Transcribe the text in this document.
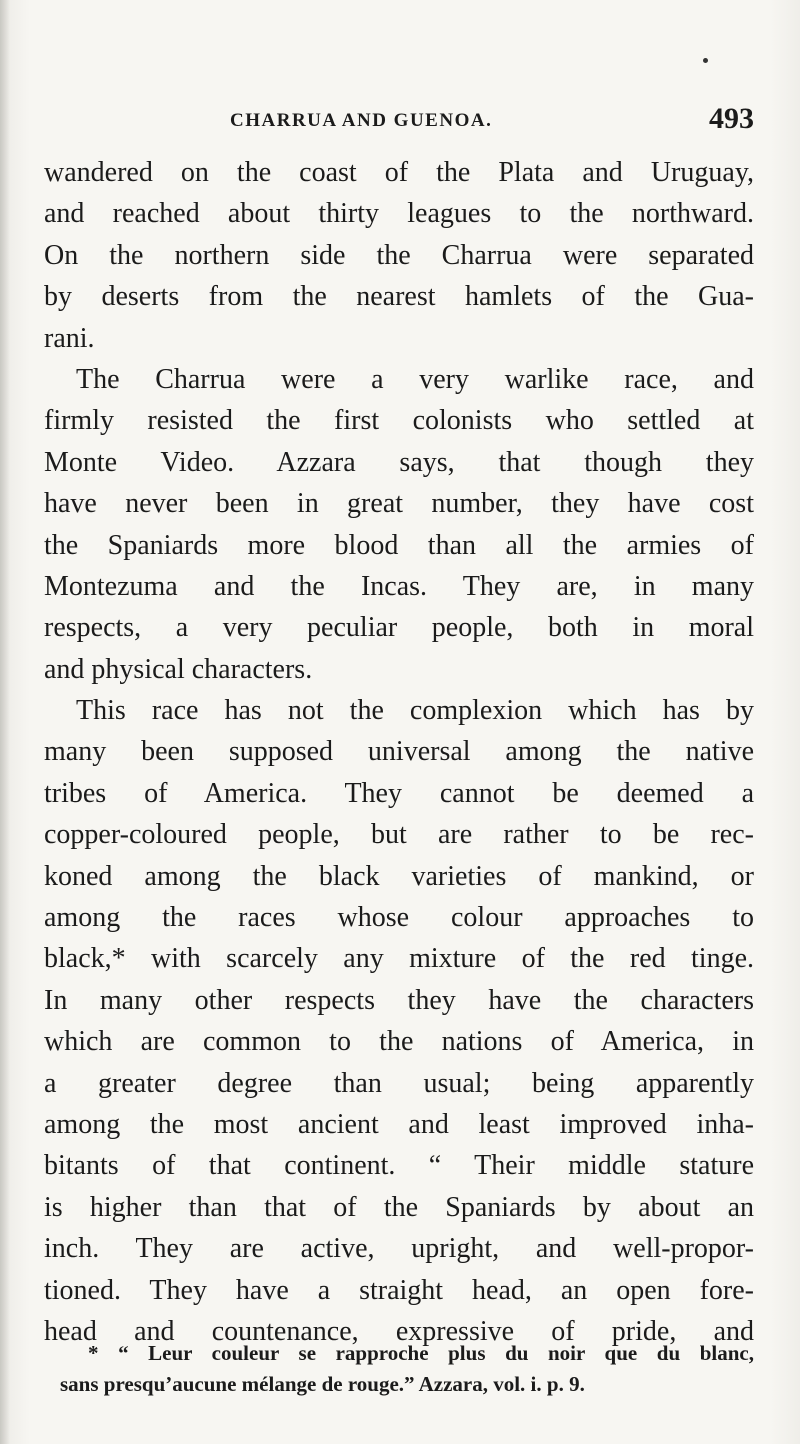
CHARRUA AND GUENOA.	493
wandered on the coast of the Plata and Uruguay,
and reached about thirty leagues to the northward.
On the northern side the Charrua were separated
by deserts from the nearest hamlets of the Gua-
rani.
The Charrua were a very warlike race, and
firmly resisted the first colonists who settled at
Monte Video. Azzara says, that though they
have never been in great number, they have cost
the Spaniards more blood than all the armies of
Montezuma and the Incas. They are, in many
respects, a very peculiar people, both in moral
and physical characters.
This race has not the complexion which has by
many been supposed universal among the native
tribes of America. They cannot be deemed a
copper-coloured people, but are rather to be rec-
koned among the black varieties of mankind, or
among the races whose colour approaches to
black,* with scarcely any mixture of the red tinge.
In many other respects they have the characters
which are common to the nations of America, in
a greater degree than usual; being apparently
among the most ancient and least improved inha-
bitants of that continent. “ Their middle stature
is higher than that of the Spaniards by about an
inch. They are active, upright, and well-propor-
tioned. They have a straight head, an open fore-
head and countenance, expressive of pride, and
* “ Leur couleur se rapproche plus du noir que du blanc,
sans presqu’aucune mélange de rouge.” Azzara, vol. i. p. 9.
